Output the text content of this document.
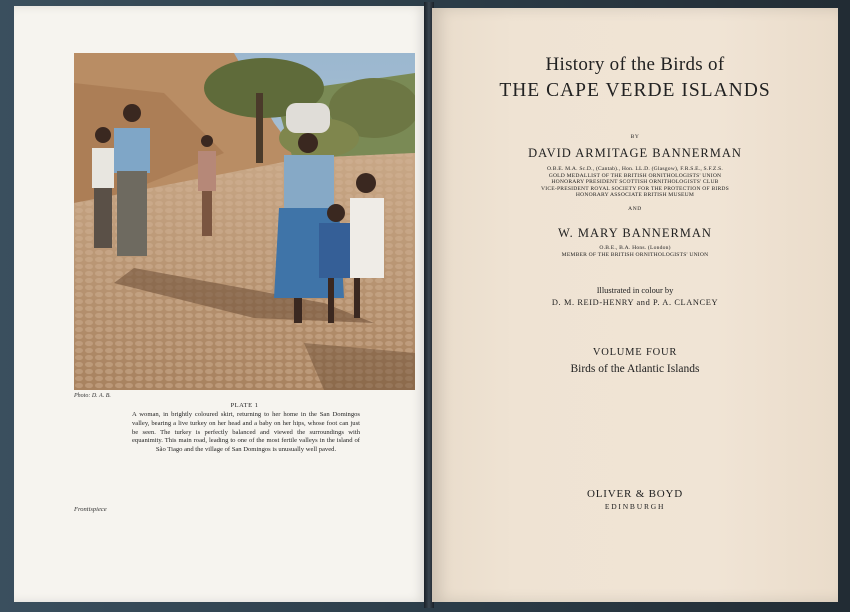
Photo: D. A. B.
PLATE 1
A woman, in brightly coloured skirt, returning to her home in the San Domingos valley, bearing a live turkey on her head and a baby on her hips, whose foot can just be seen. The turkey is perfectly balanced and viewed the surroundings with equanimity. This main road, leading to one of the most fertile valleys in the island of São Tiago and the village of San Domingos is unusually well paved.
Frontispiece
History of the Birds of
THE CAPE VERDE ISLANDS
BY
DAVID ARMITAGE BANNERMAN
O.B.E. M.A. Sc.D., (Cantab)., Hon. LL.D. (Glasgow), F.R.S.E., S.F.Z.S.
GOLD MEDALLIST OF THE BRITISH ORNITHOLOGISTS' UNION
HONORARY PRESIDENT SCOTTISH ORNITHOLOGISTS' CLUB
VICE-PRESIDENT ROYAL SOCIETY FOR THE PROTECTION OF BIRDS
HONORARY ASSOCIATE BRITISH MUSEUM
AND
W. MARY BANNERMAN
O.B.E., B.A. Hons. (London)
MEMBER OF THE BRITISH ORNITHOLOGISTS' UNION
Illustrated in colour by
D. M. REID-HENRY and P. A. CLANCEY
VOLUME FOUR
Birds of the Atlantic Islands
OLIVER & BOYD
EDINBURGH
